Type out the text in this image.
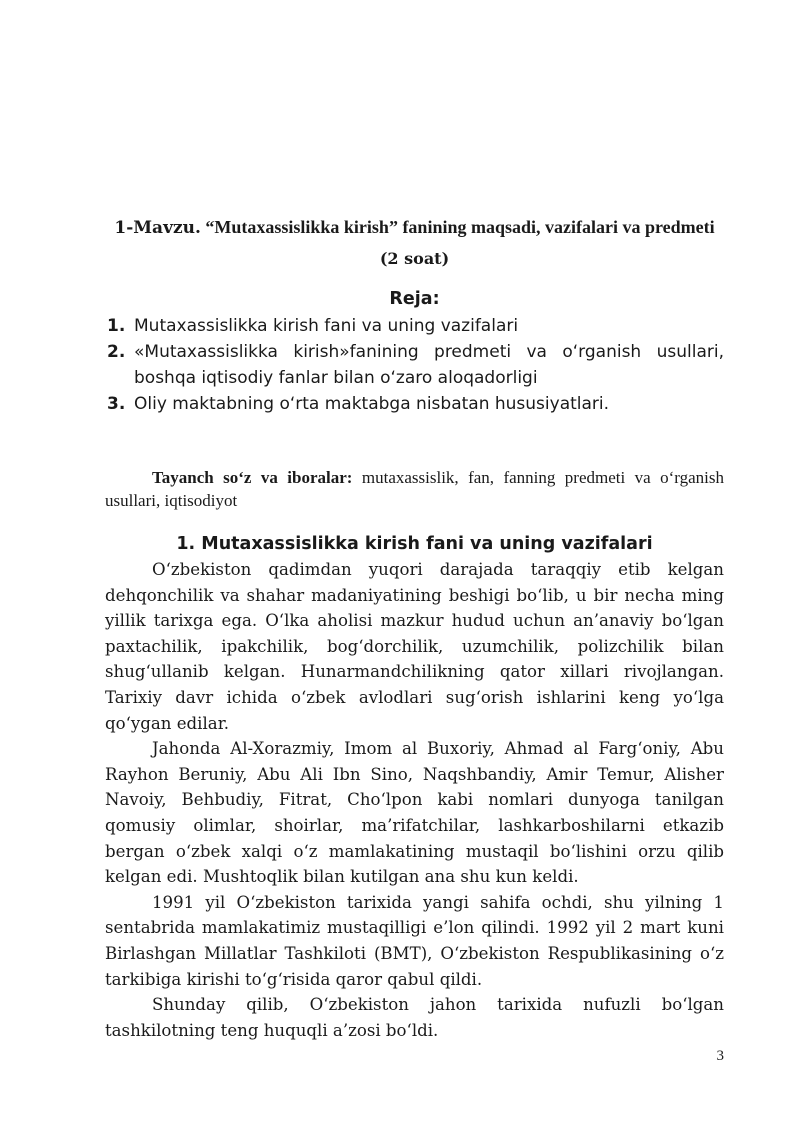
1-Mavzu. “Mutaxassislikka kirish” fanining maqsadi, vazifalari va predmeti (2 soat)
Reja:
1. Mutaxassislikka kirish fani va uning vazifalari
2. «Mutaxassislikka kirish»fanining predmeti va o‘rganish usullari, boshqa iqtisodiy fanlar bilan o‘zaro aloqadorligi
3. Oliy maktabning o‘rta maktabga nisbatan hususiyatlari.
Tayanch so‘z va iboralar: mutaxassislik, fan, fanning predmeti va o‘rganish usullari, iqtisodiyot
1. Mutaxassislikka kirish fani va uning vazifalari

O‘zbekiston qadimdan yuqori darajada taraqqiy etib kelgan dehqonchilik va shahar madaniyatining beshigi bo‘lib, u bir necha ming yillik tarixga ega. O‘lka aholisi mazkur hudud uchun an’anaviy bo‘lgan paxtachilik, ipakchilik, bog‘dorchilik, uzumchilik, polizchilik bilan shug‘ullanib kelgan. Hunarmandchilikning qator xillari rivojlangan. Tarixiy davr ichida o‘zbek avlodlari sug‘orish ishlarini keng yo‘lga qo‘ygan edilar.

Jahonda Al-Xorazmiy, Imom al Buxoriy, Ahmad al Farg‘oniy, Abu Rayhon Beruniy, Abu Ali Ibn Sino, Naqshbandiy, Amir Temur, Alisher Navoiy, Behbudiy, Fitrat, Cho‘lpon kabi nomlari dunyoga tanilgan qomusiy olimlar, shoirlar, ma’rifatchilar, lashkarboshilarni etkazib bergan o‘zbek xalqi o‘z mamlakatining mustaqil bo‘lishini orzu qilib kelgan edi. Mushtoqlik bilan kutilgan ana shu kun keldi.

1991 yil O‘zbekiston tarixida yangi sahifa ochdi, shu yilning 1 sentabrida mamlakatimiz mustaqilligi e’lon qilindi. 1992 yil 2 mart kuni Birlashgan Millatlar Tashkiloti (BMT), O‘zbekiston Respublikasining o‘z tarkibiga kirishi to‘g‘risida qaror qabul qildi.

Shunday qilib, O‘zbekiston jahon tarixida nufuzli bo‘lgan tashkilotning teng huquqli a’zosi bo‘ldi.

3
